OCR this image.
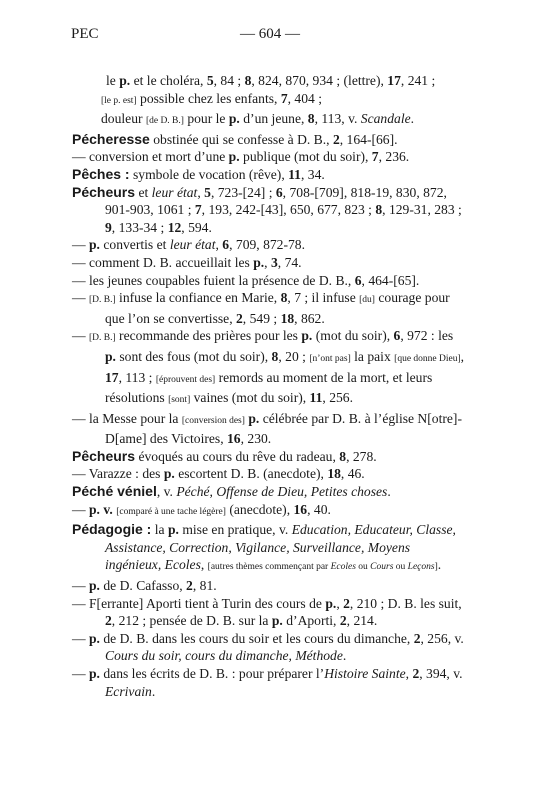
PEC	— 604 —

le p. et le choléra, 5, 84 ; 8, 824, 870, 934 ; (lettre), 17, 241 ;

[le p. est] possible chez les enfants, 7, 404 ;

douleur [de D. B.] pour le p. d’un jeune, 8, 113, v. Scandale.

Pécheresse obstinée qui se confesse à D. B., 2, 164-[66].

— conversion et mort d’une p. publique (mot du soir), 7, 236.

Pêches : symbole de vocation (rêve), 11, 34.

Pécheurs et leur état, 5, 723-[24] ; 6, 708-[709], 818-19, 830, 872, 901-903, 1061 ; 7, 193, 242-[43], 650, 677, 823 ; 8, 129-31, 283 ; 9, 133-34 ; 12, 594.

— p. convertis et leur état, 6, 709, 872-78.

— comment D. B. accueillait les p., 3, 74.

— les jeunes coupables fuient la présence de D. B., 6, 464-[65].

— [D. B.] infuse la confiance en Marie, 8, 7 ; il infuse [du] courage pour que l’on se convertisse, 2, 549 ; 18, 862.

— [D. B.] recommande des prières pour les p. (mot du soir), 6, 972 : les p. sont des fous (mot du soir), 8, 20 ; [n’ont pas] la paix [que donne Dieu], 17, 113 ; [éprouvent des] remords au moment de la mort, et leurs résolutions [sont] vaines (mot du soir), 11, 256.

— la Messe pour la [conversion des] p. célébrée par D. B. à l’église N[otre]-D[ame] des Victoires, 16, 230.

Pêcheurs évoqués au cours du rêve du radeau, 8, 278.

— Varazze : des p. escortent D. B. (anecdote), 18, 46.

Péché véniel, v. Péché, Offense de Dieu, Petites choses.

— p. v. [comparé à une tache légère] (anecdote), 16, 40.

Pédagogie : la p. mise en pratique, v. Education, Educateur, Classe, Assistance, Correction, Vigilance, Surveillance, Moyens ingénieux, Ecoles, [autres thèmes commençant par Ecoles ou Cours ou Leçons].

— p. de D. Cafasso, 2, 81.

— F[errante] Aporti tient à Turin des cours de p., 2, 210 ; D. B. les suit, 2, 212 ; pensée de D. B. sur la p. d’Aporti, 2, 214.

— p. de D. B. dans les cours du soir et les cours du dimanche, 2, 256, v. Cours du soir, cours du dimanche, Méthode.

— p. dans les écrits de D. B. : pour préparer l’Histoire Sainte, 2, 394, v. Ecrivain.
